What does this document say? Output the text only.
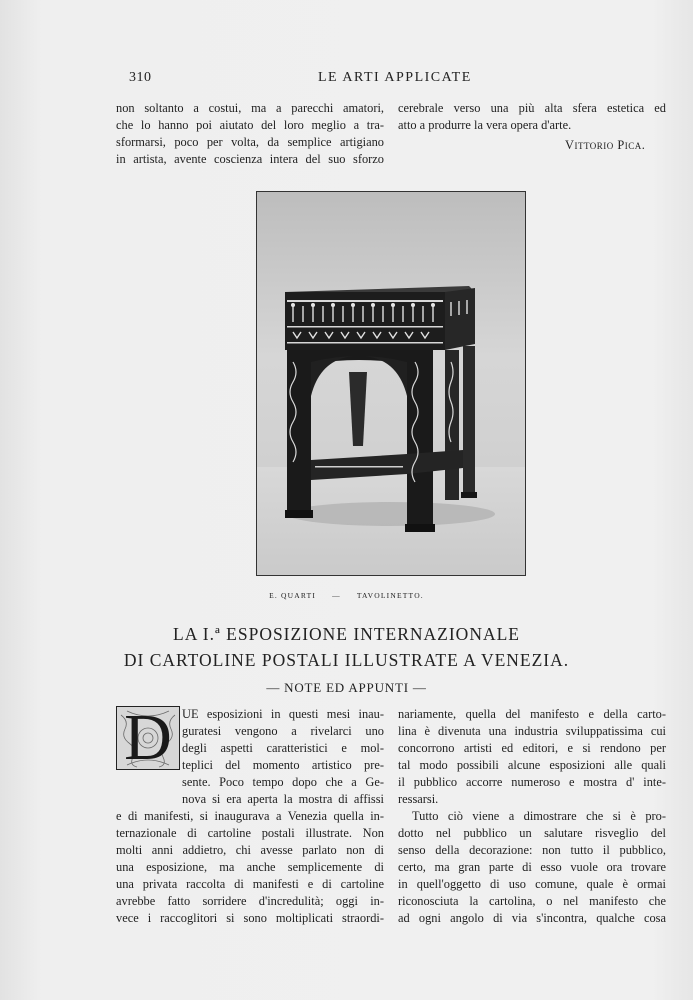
310	LE ARTI APPLICATE
non soltanto a costui, ma a parecchi amatori,
che lo hanno poi aiutato del loro meglio a tra-
sformarsi, poco per volta, da semplice artigiano
in artista, avente coscienza intera del suo sforzo
cerebrale verso una più alta sfera estetica ed
atto a produrre la vera opera d'arte.
Vittorio Pica.
E. QUARTI — TAVOLINETTO.
LA I.ª ESPOSIZIONE INTERNAZIONALE
DI CARTOLINE POSTALI ILLUSTRATE A VENEZIA.
— NOTE ED APPUNTI —
D UE esposizioni in questi mesi inau-
guratesi vengono a rivelarci uno
degli aspetti caratteristici e mol-
teplici del momento artistico pre-
sente. Poco tempo dopo che a Ge-
nova si era aperta la mostra di affissi
e di manifesti, si inaugurava a Venezia quella in-
ternazionale di cartoline postali illustrate. Non
molti anni addietro, chi avesse parlato non di
una esposizione, ma anche semplicemente di
una privata raccolta di manifesti e di cartoline
avrebbe fatto sorridere d'incredulità; oggi in-
vece i raccoglitori si sono moltiplicati straordi-
nariamente, quella del manifesto e della carto-
lina è divenuta una industria sviluppatissima cui
concorrono artisti ed editori, e si rendono per
tal modo possibili alcune esposizioni alle quali
il pubblico accorre numeroso e mostra d' inte-
ressarsi.
Tutto ciò viene a dimostrare che si è pro-
dotto nel pubblico un salutare risveglio del
senso della decorazione: non tutto il pubblico,
certo, ma gran parte di esso vuole ora trovare
in quell'oggetto di uso comune, quale è ormai
riconosciuta la cartolina, o nel manifesto che
ad ogni angolo di via s'incontra, qualche cosa
